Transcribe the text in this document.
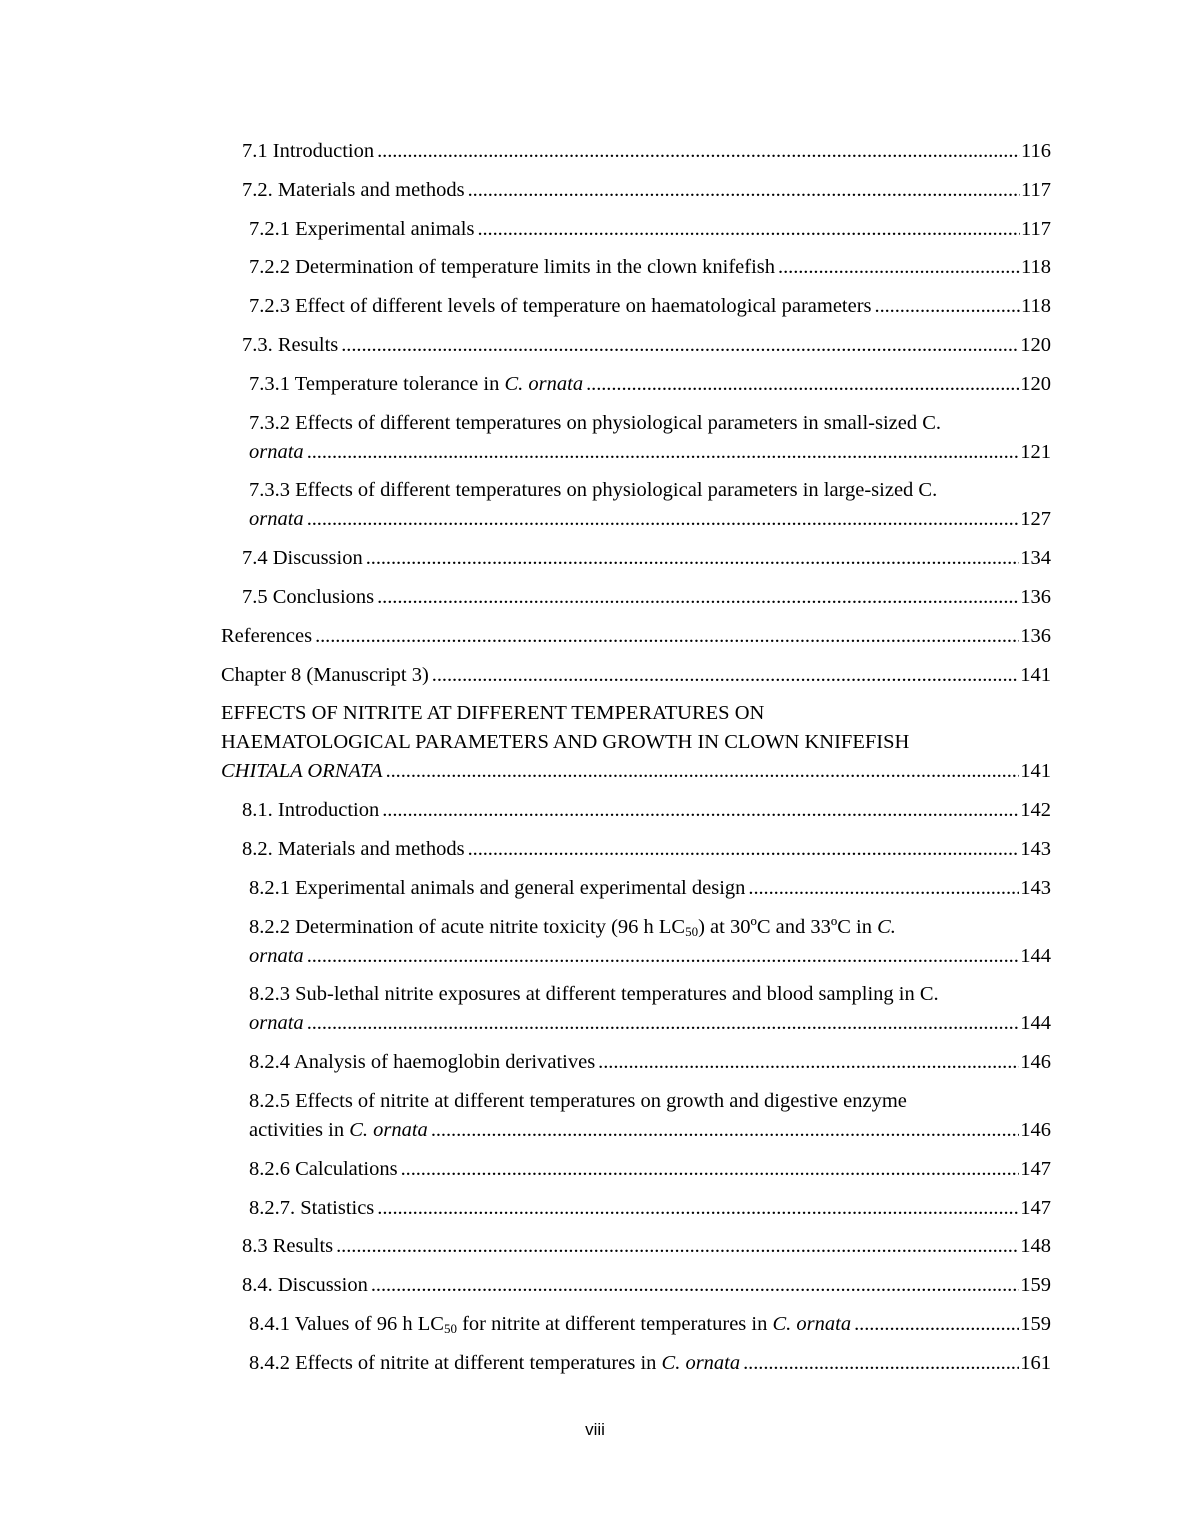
7.1 Introduction . . .	116
7.2. Materials and methods . . .	117
7.2.1 Experimental animals . . .	117
7.2.2 Determination of temperature limits in the clown knifefish . . .	118
7.2.3 Effect of different levels of temperature on haematological parameters . . .	118
7.3. Results . . .	120
7.3.1 Temperature tolerance in C. ornata . . .	120
7.3.2 Effects of different temperatures on physiological parameters in small-sized C.
ornata . . .	121
7.3.3 Effects of different temperatures on physiological parameters in large-sized C.
ornata . . .	127
7.4 Discussion . . .	134
7.5 Conclusions . . .	136
References . . .	136
Chapter 8 (Manuscript 3) . . .	141
EFFECTS OF NITRITE AT DIFFERENT TEMPERATURES ON
HAEMATOLOGICAL PARAMETERS AND GROWTH IN CLOWN KNIFEFISH
CHITALA ORNATA . . .	141
8.1. Introduction . . .	142
8.2. Materials and methods . . .	143
8.2.1 Experimental animals and general experimental design . . .	143
8.2.2 Determination of acute nitrite toxicity (96 h $LC_{50}$) at 30ºC and 33ºC in C.
ornata . . .	144
8.2.3 Sub-lethal nitrite exposures at different temperatures and blood sampling in C.
ornata . . .	144
8.2.4 Analysis of haemoglobin derivatives . . .	146
8.2.5 Effects of nitrite at different temperatures on growth and digestive enzyme
activities in C. ornata . . .	146
8.2.6 Calculations . . .	147
8.2.7. Statistics . . .	147
8.3 Results . . .	148
8.4. Discussion . . .	159
8.4.1 Values of 96 h $LC_{50}$ for nitrite at different temperatures in C. ornata . . .	159
8.4.2 Effects of nitrite at different temperatures in C. ornata . . .	161
viii
